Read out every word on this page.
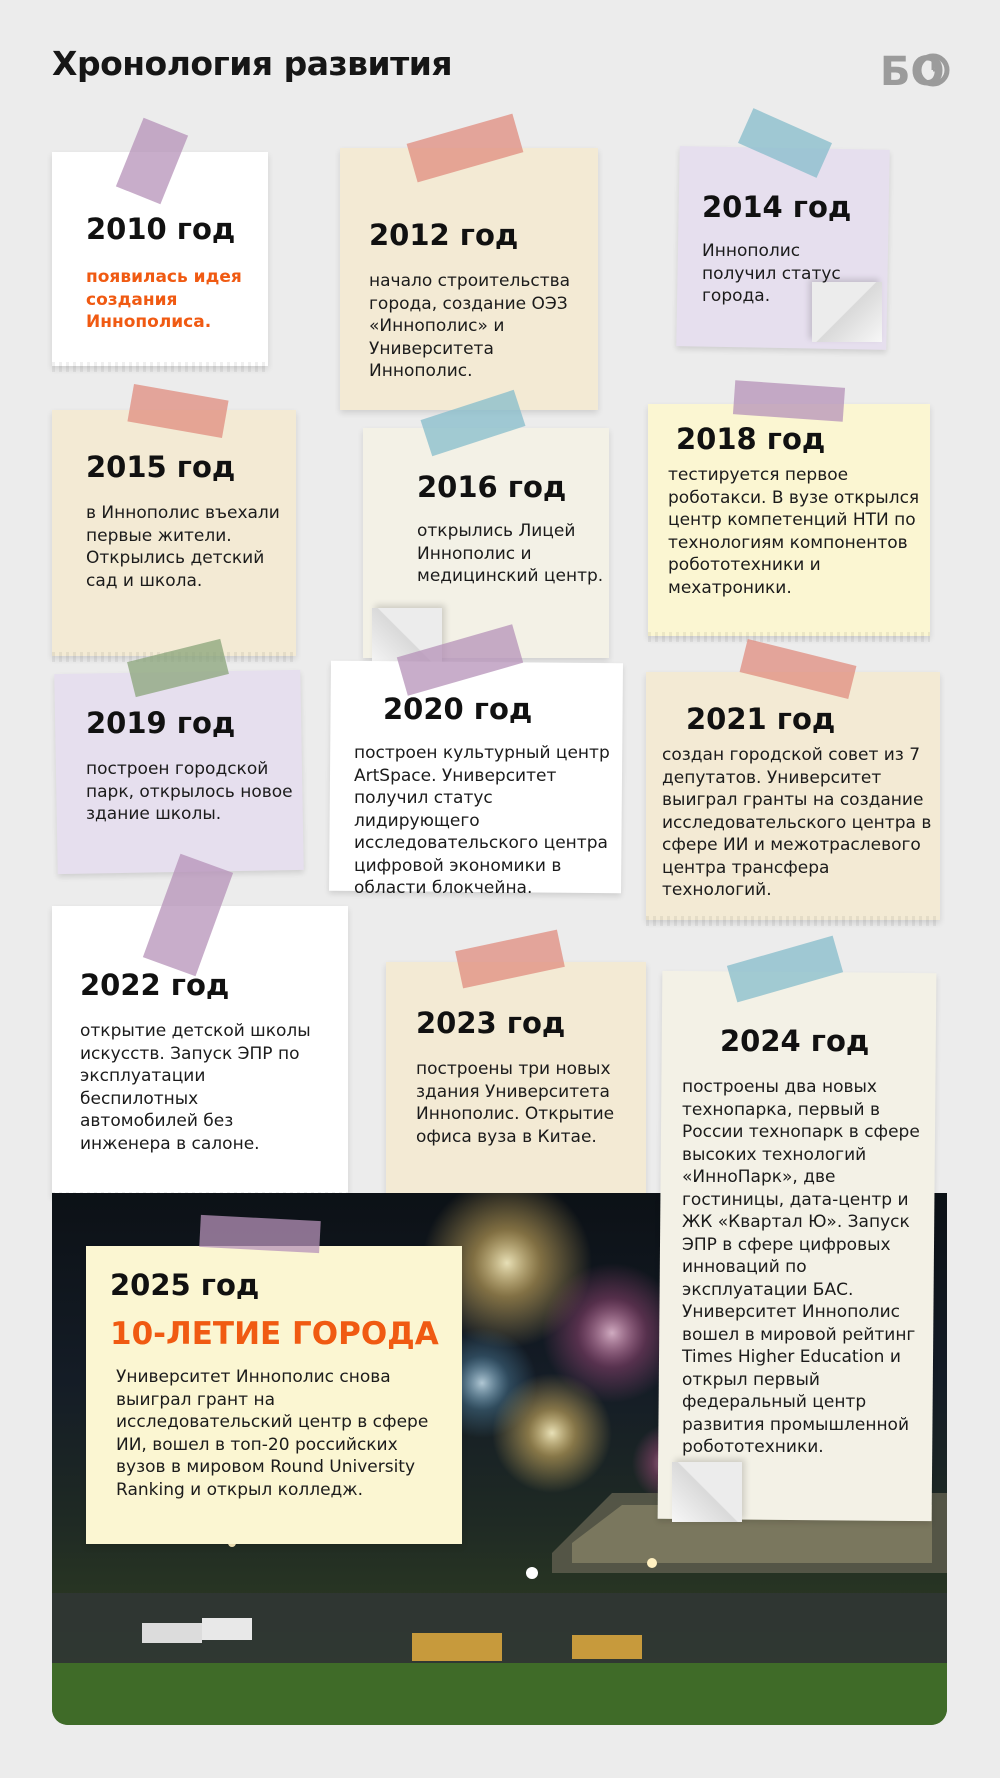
Хронология развития	БО
2010 год
появилась идея создания Иннополиса.
2012 год
начало строительства города, создание ОЭЗ «Иннополис» и Университета Иннополис.
2014 год
Иннополис получил статус города.
2015 год
в Иннополис въехали первые жители. Открылись детский сад и школа.
2016 год
открылись Лицей Иннополис и медицинский центр.
2018 год
тестируется первое роботакси. В вузе открылся центр компетенций НТИ по технологиям компонентов робототехники и мехатроники.
2019 год
построен городской парк, открылось новое здание школы.
2020 год
построен культурный центр ArtSpace. Университет получил статус лидирующего исследовательского центра цифровой экономики в области блокчейна.
2021 год
создан городской совет из 7 депутатов. Университет выиграл гранты на создание исследовательского центра в сфере ИИ и межотраслевого центра трансфера технологий.
2022 год
открытие детской школы искусств. Запуск ЭПР по эксплуатации беспилотных автомобилей без инженера в салоне.
2023 год
построены три новых здания Университета Иннополис. Открытие офиса вуза в Китае.
2025 год
10-ЛЕТИЕ ГОРОДА
Университет Иннополис снова выиграл грант на исследовательский центр в сфере ИИ, вошел в топ-20 российских вузов в мировом Round University Ranking и открыл колледж.
2024 год
построены два новых технопарка, первый в России технопарк в сфере высоких технологий «ИнноПарк», две гостиницы, дата-центр и ЖК «Квартал Ю». Запуск ЭПР в сфере цифровых инноваций по эксплуатации БАС. Университет Иннополис вошел в мировой рейтинг Times Higher Education и открыл первый федеральный центр развития промышленной робототехники.
